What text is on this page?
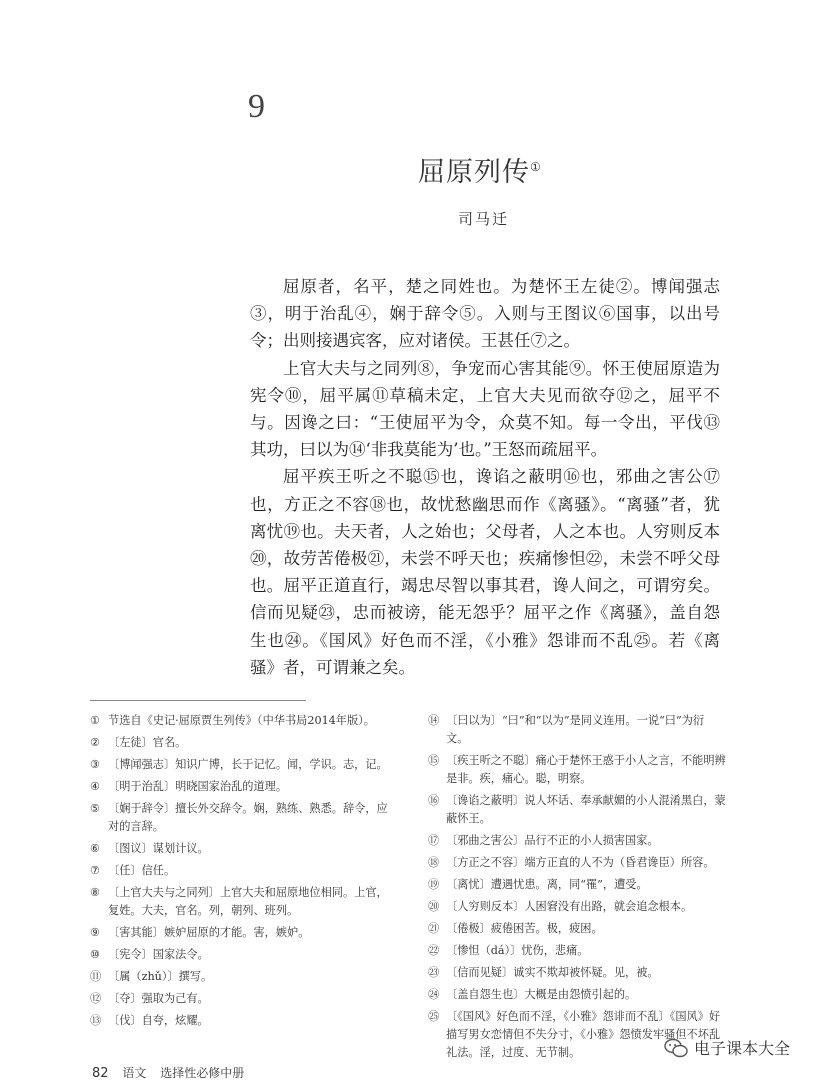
9
屈原列传①
司马迁

屈原者，名平，楚之同姓也。为楚怀王左徒②。博闻强志③，明于治乱④，娴于辞令⑤。入则与王图议⑥国事，以出号令；出则接遇宾客，应对诸侯。王甚任⑦之。

上官大夫与之同列⑧，争宠而心害其能⑨。怀王使屈原造为宪令⑩，屈平属⑪草稿未定，上官大夫见而欲夺⑫之，屈平不与。因谗之曰：“王使屈平为令，众莫不知。每一令出，平伐⑬其功，曰以为⑭‘非我莫能为’也。”王怒而疏屈平。

屈平疾王听之不聪⑮也，谗谄之蔽明⑯也，邪曲之害公⑰也，方正之不容⑱也，故忧愁幽思而作《离骚》。“离骚”者，犹离忧⑲也。夫天者，人之始也；父母者，人之本也。人穷则反本⑳，故劳苦倦极㉑，未尝不呼天也；疾痛惨怛㉒，未尝不呼父母也。屈平正道直行，竭忠尽智以事其君，谗人间之，可谓穷矣。信而见疑㉓，忠而被谤，能无怨乎？屈平之作《离骚》，盖自怨生也㉔。《国风》好色而不淫，《小雅》怨诽而不乱㉕。若《离骚》者，可谓兼之矣。

① 节选自《史记·屈原贾生列传》（中华书局2014年版）。
② 〔左徒〕官名。
③ 〔博闻强志〕知识广博，长于记忆。闻，学识。志，记。
④ 〔明于治乱〕明晓国家治乱的道理。
⑤ 〔娴于辞令〕擅长外交辞令。娴，熟练、熟悉。辞令，应对的言辞。
⑥ 〔图议〕谋划计议。
⑦ 〔任〕信任。
⑧ 〔上官大夫与之同列〕上官大夫和屈原地位相同。上官，复姓。大夫，官名。列，朝列、班列。
⑨ 〔害其能〕嫉妒屈原的才能。害，嫉妒。
⑩ 〔宪令〕国家法令。
⑪ 〔属（zhǔ）〕撰写。
⑫ 〔夺〕强取为己有。
⑬ 〔伐〕自夸，炫耀。
⑭ 〔曰以为〕“曰”和“以为”是同义连用。一说“曰”为衍文。
⑮ 〔疾王听之不聪〕痛心于楚怀王惑于小人之言，不能明辨是非。疾，痛心。聪，明察。
⑯ 〔谗谄之蔽明〕说人坏话、奉承献媚的小人混淆黑白，蒙蔽怀王。
⑰ 〔邪曲之害公〕品行不正的小人损害国家。
⑱ 〔方正之不容〕端方正直的人不为（昏君谗臣）所容。
⑲ 〔离忧〕遭遇忧患。离，同“罹”，遭受。
⑳ 〔人穷则反本〕人困窘没有出路，就会追念根本。
㉑ 〔倦极〕疲倦困苦。极，疲困。
㉒ 〔惨怛（dá）〕忧伤，悲痛。
㉓ 〔信而见疑〕诚实不欺却被怀疑。见，被。
㉔ 〔盖自怨生也〕大概是由怨愤引起的。
㉕ 〔《国风》好色而不淫，《小雅》怨诽而不乱〕《国风》好描写男女恋情但不失分寸，《小雅》怨愤发牢骚但不坏乱礼法。淫，过度、无节制。
82 语文 选择性必修中册
电子课本大全
